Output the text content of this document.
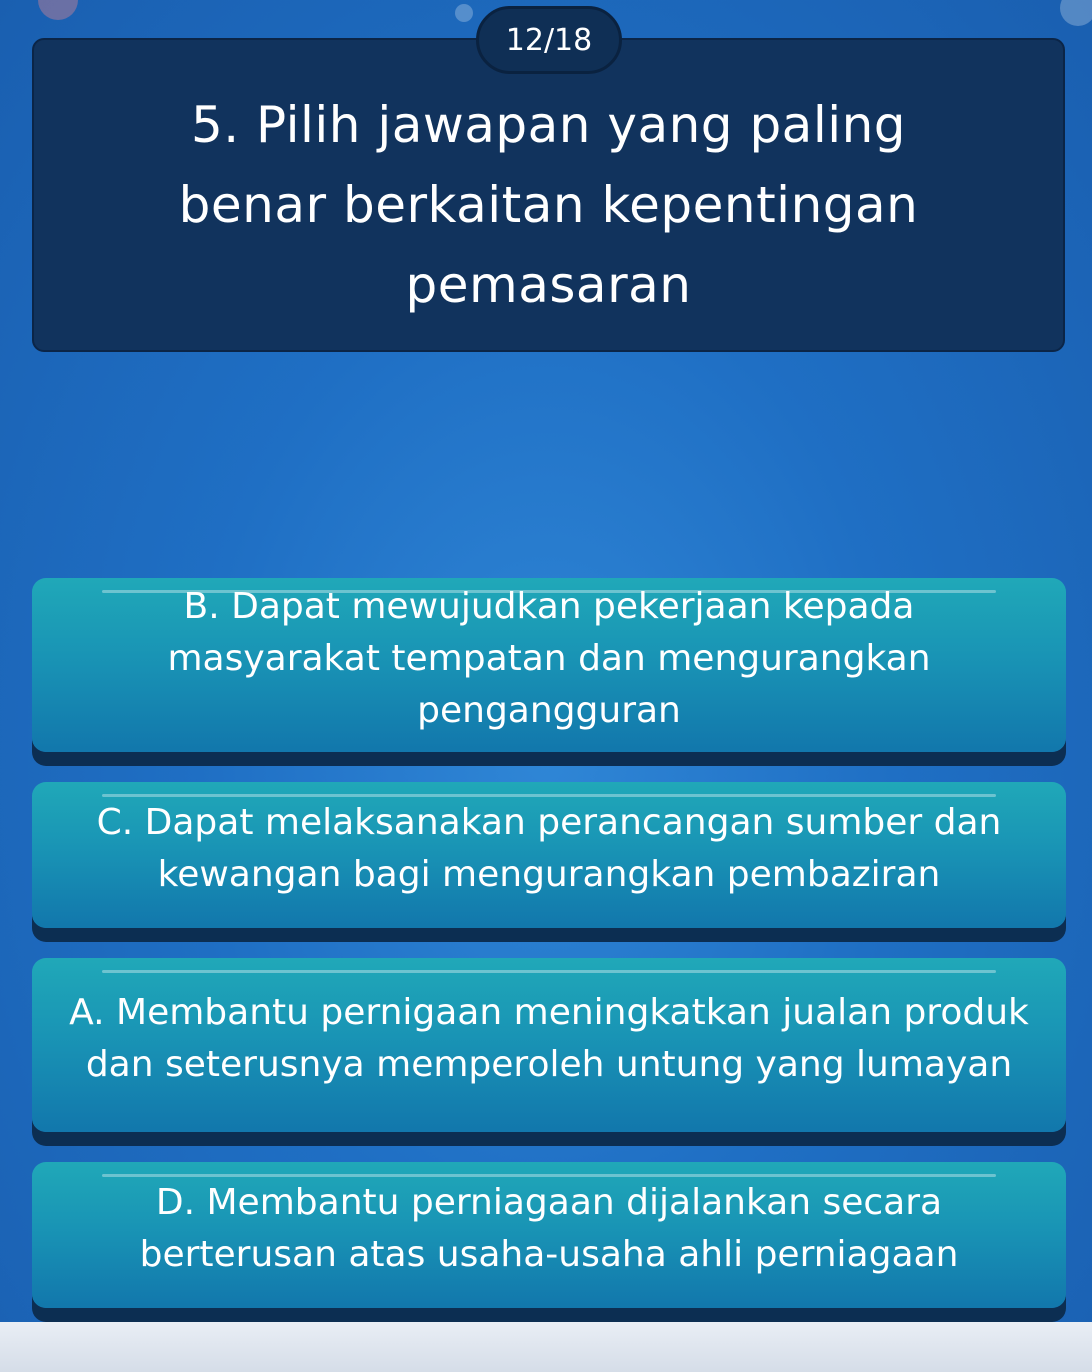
12/18
5. Pilih jawapan yang paling benar berkaitan kepentingan pemasaran
B. Dapat mewujudkan pekerjaan kepada masyarakat tempatan dan mengurangkan pengangguran
C. Dapat melaksanakan perancangan sumber dan kewangan bagi mengurangkan pembaziran
A. Membantu pernigaan meningkatkan jualan produk dan seterusnya memperoleh untung yang lumayan
D. Membantu perniagaan dijalankan secara berterusan atas usaha-usaha ahli perniagaan
